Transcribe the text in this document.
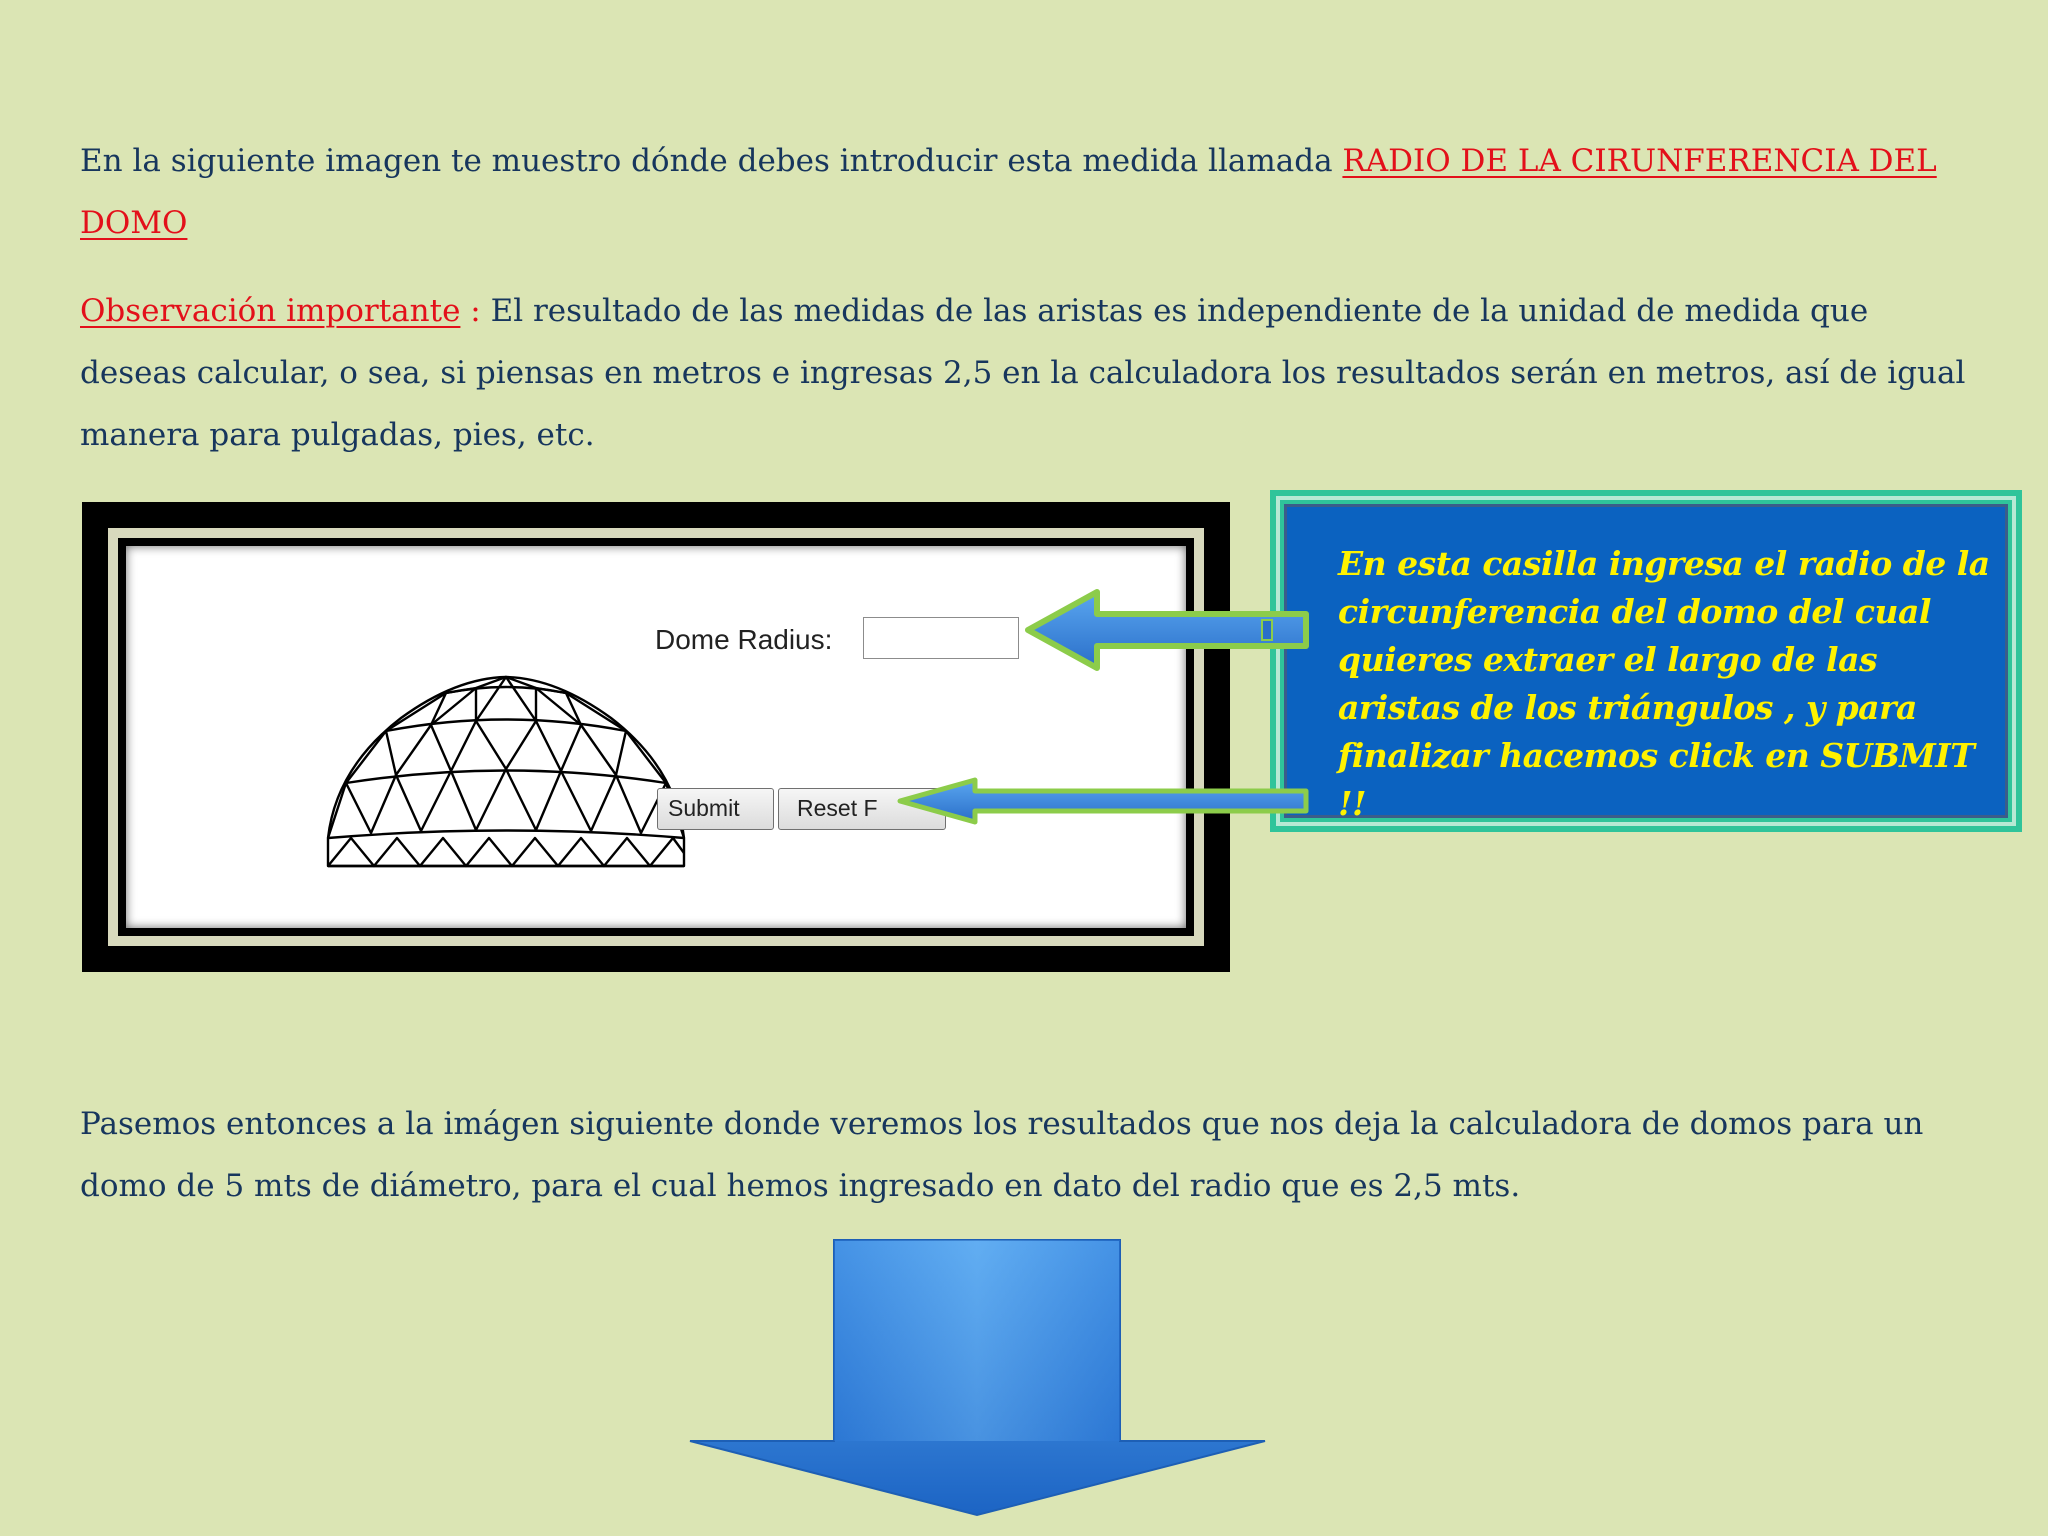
En la siguiente imagen te muestro dónde debes introducir esta medida llamada RADIO DE LA CIRUNFERENCIA DEL DOMO

Observación importante : El resultado de las medidas de las aristas es independiente de la unidad de medida que deseas calcular, o sea, si piensas en metros e ingresas 2,5 en la calculadora los resultados serán en metros, así de igual manera para pulgadas, pies, etc.

Dome Radius:
Submit	Reset F
En esta casilla ingresa el radio de la circunferencia del domo del cual quieres extraer el largo de las aristas de los triángulos , y para finalizar hacemos click en SUBMIT !!

Pasemos entonces a la imágen siguiente donde veremos los resultados que nos deja la calculadora de domos para un domo de 5 mts de diámetro, para el cual hemos ingresado en dato del radio que es 2,5 mts.
